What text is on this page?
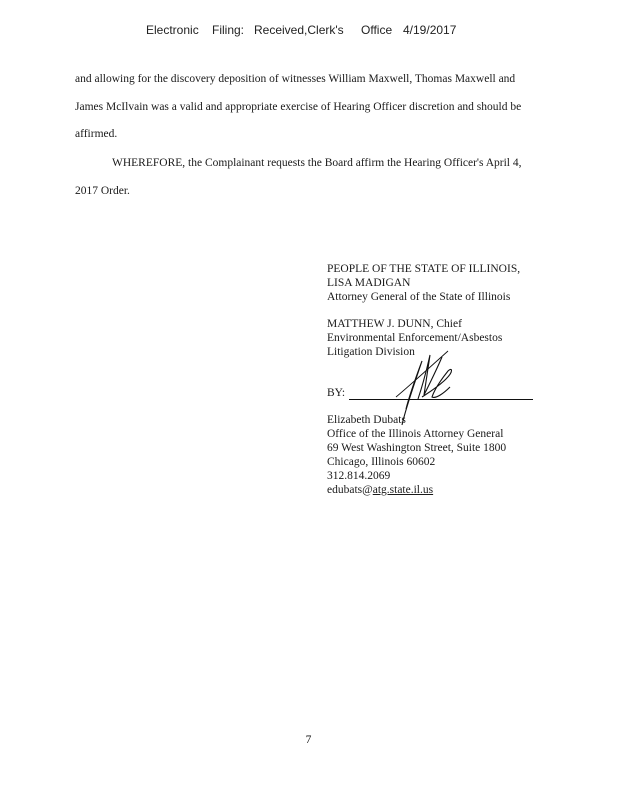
Electronic Filing: Received,Clerk's Office 4/19/2017
and allowing for the discovery deposition of witnesses William Maxwell, Thomas Maxwell and
James McIlvain was a valid and appropriate exercise of Hearing Officer discretion and should be
affirmed.
WHEREFORE, the Complainant requests the Board affirm the Hearing Officer's April 4,
2017 Order.
PEOPLE OF THE STATE OF ILLINOIS,
LISA MADIGAN
Attorney General of the State of Illinois
MATTHEW J. DUNN, Chief
Environmental Enforcement/Asbestos
Litigation Division
BY:
Elizabeth Dubats
Office of the Illinois Attorney General
69 West Washington Street, Suite 1800
Chicago, Illinois 60602
312.814.2069
edubats@atg.state.il.us
7
